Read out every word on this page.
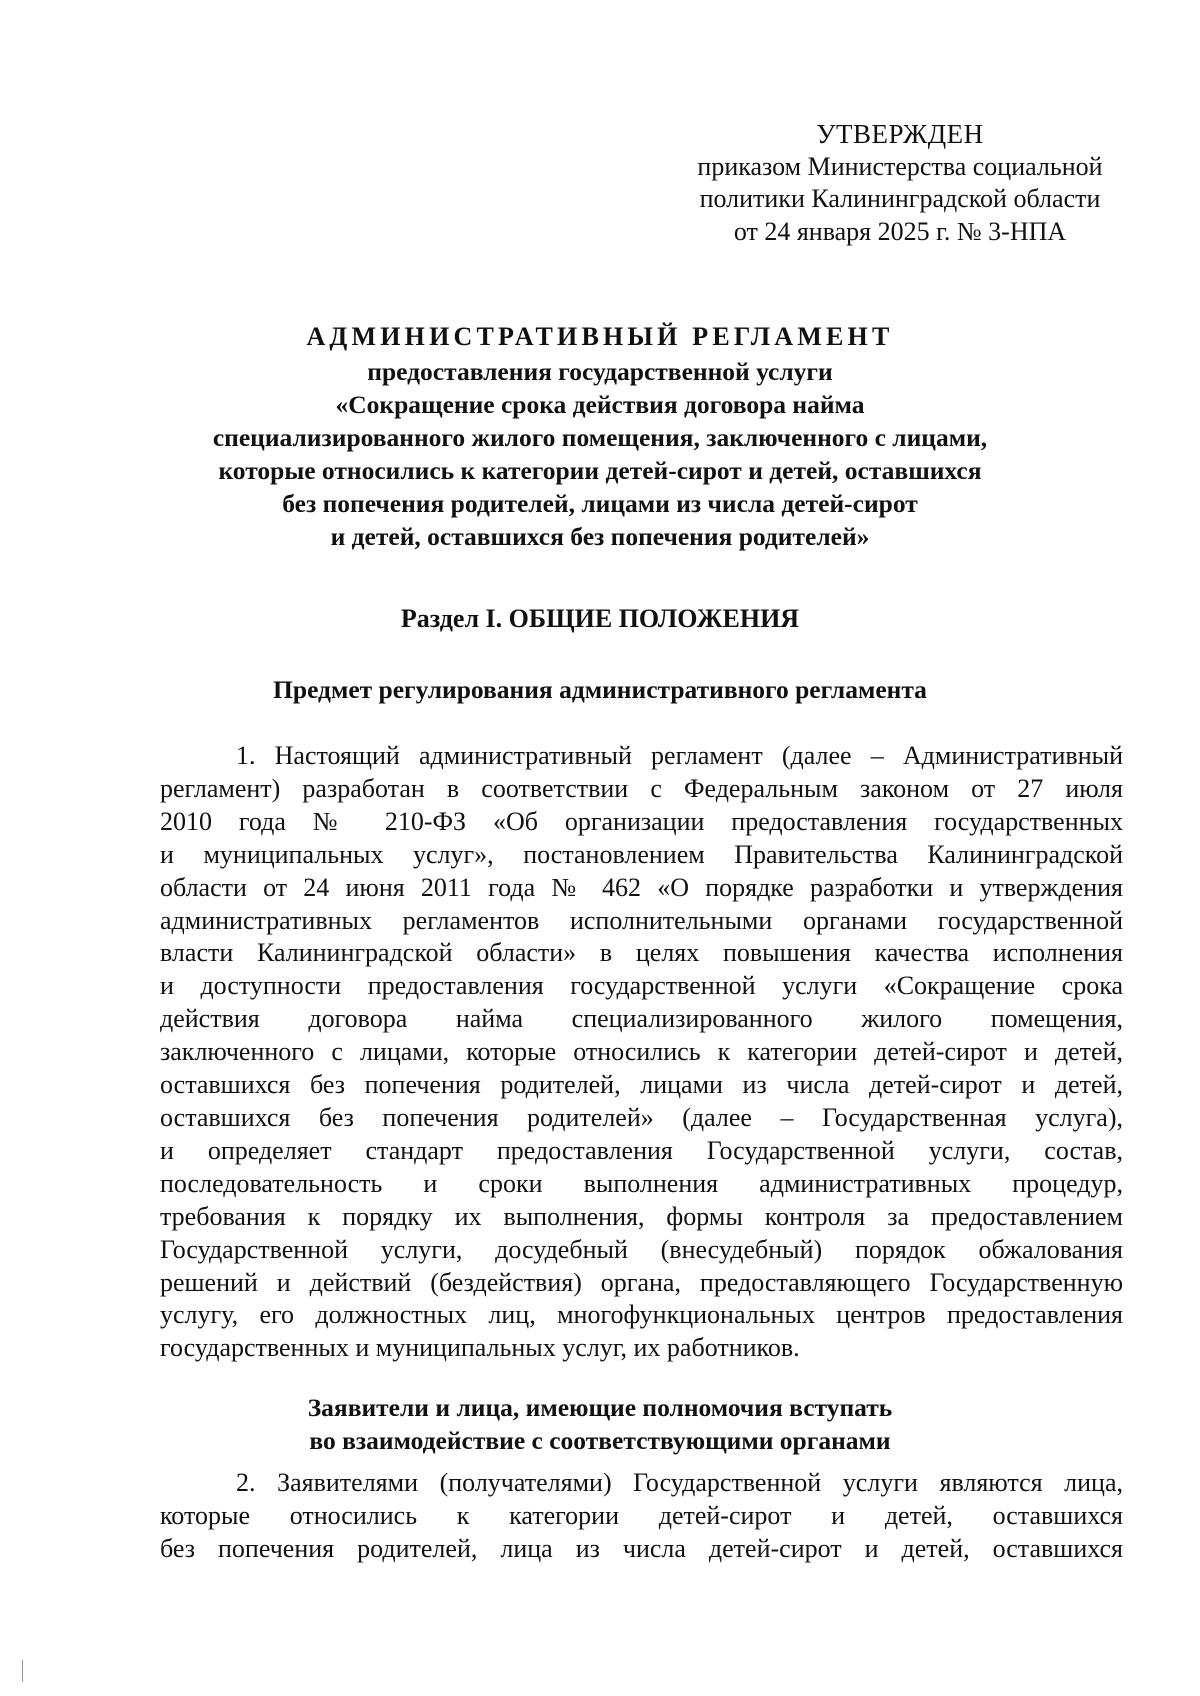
УТВЕРЖДЕН
приказом Министерства социальной
политики Калининградской области
от 24 января 2025 г. № 3-НПА
АДМИНИСТРАТИВНЫЙ РЕГЛАМЕНТ
предоставления государственной услуги
«Сокращение срока действия договора найма
специализированного жилого помещения, заключенного с лицами,
которые относились к категории детей-сирот и детей, оставшихся
без попечения родителей, лицами из числа детей-сирот
и детей, оставшихся без попечения родителей»
Раздел I. ОБЩИЕ ПОЛОЖЕНИЯ
Предмет регулирования административного регламента
1. Настоящий административный регламент (далее – Административный
регламент) разработан в соответствии с Федеральным законом от 27 июля
2010 года № 210-ФЗ «Об организации предоставления государственных
и муниципальных услуг», постановлением Правительства Калининградской
области от 24 июня 2011 года № 462 «О порядке разработки и утверждения
административных регламентов исполнительными органами государственной
власти Калининградской области» в целях повышения качества исполнения
и доступности предоставления государственной услуги «Сокращение срока
действия договора найма специализированного жилого помещения,
заключенного с лицами, которые относились к категории детей-сирот и детей,
оставшихся без попечения родителей, лицами из числа детей-сирот и детей,
оставшихся без попечения родителей» (далее – Государственная услуга),
и определяет стандарт предоставления Государственной услуги, состав,
последовательность и сроки выполнения административных процедур,
требования к порядку их выполнения, формы контроля за предоставлением
Государственной услуги, досудебный (внесудебный) порядок обжалования
решений и действий (бездействия) органа, предоставляющего Государственную
услугу, его должностных лиц, многофункциональных центров предоставления
государственных и муниципальных услуг, их работников.
Заявители и лица, имеющие полномочия вступать
во взаимодействие с соответствующими органами
2. Заявителями (получателями) Государственной услуги являются лица,
которые относились к категории детей-сирот и детей, оставшихся
без попечения родителей, лица из числа детей-сирот и детей, оставшихся
